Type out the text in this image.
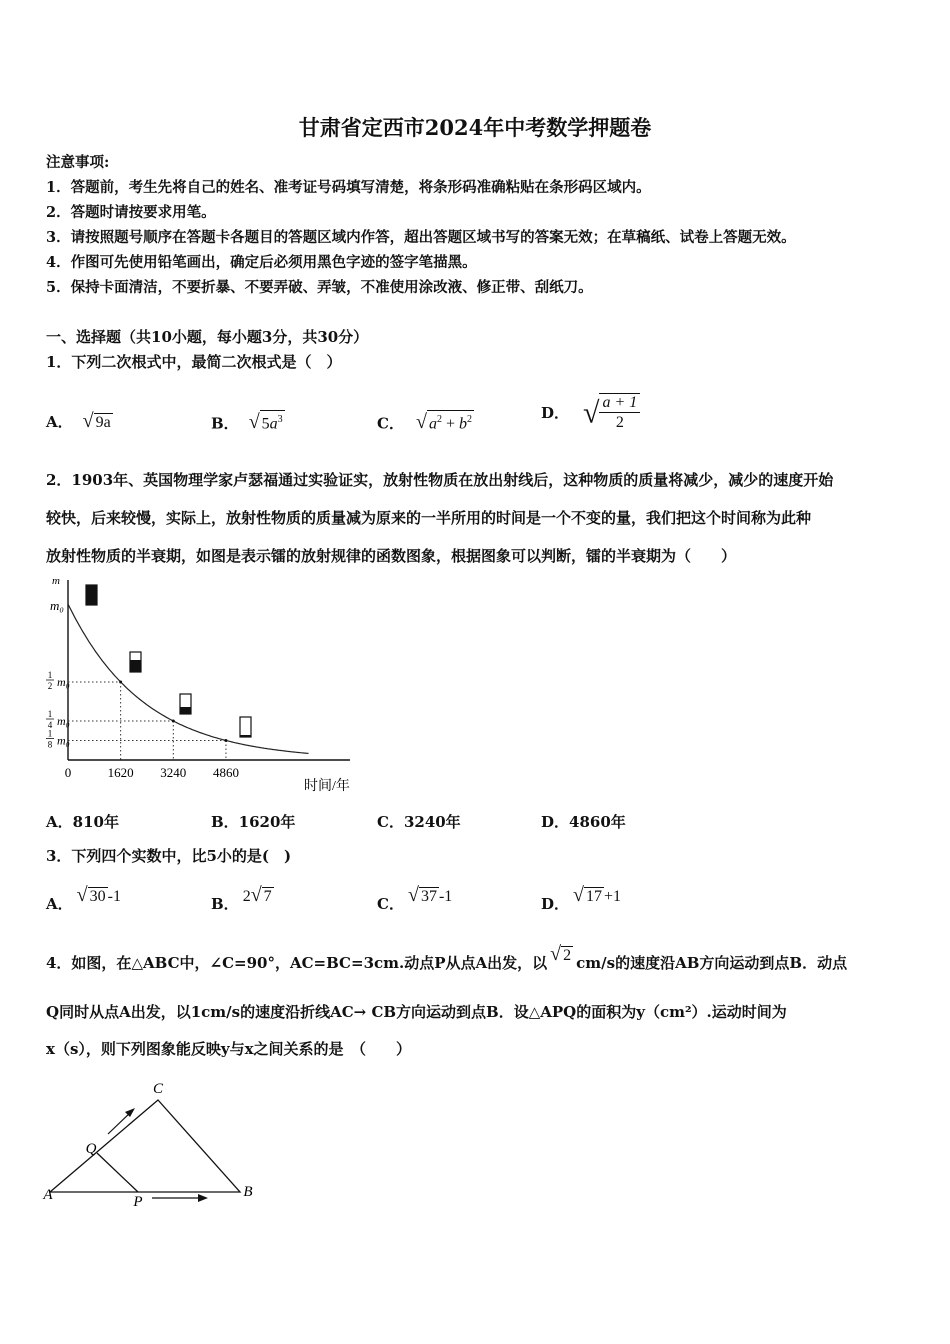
甘肃省定西市2024年中考数学押题卷
注意事项:
1．答题前，考生先将自己的姓名、准考证号码填写清楚，将条形码准确粘贴在条形码区域内。
2．答题时请按要求用笔。
3．请按照题号顺序在答题卡各题目的答题区域内作答，超出答题区域书写的答案无效；在草稿纸、试卷上答题无效。
4．作图可先使用铅笔画出，确定后必须用黑色字迹的签字笔描黑。
5．保持卡面清洁，不要折暴、不要弄破、弄皱，不准使用涂改液、修正带、刮纸刀。
一、选择题（共10小题，每小题3分，共30分）
1．下列二次根式中，最简二次根式是（　）
A． √ 9a	B． √ $5a^3$	C． √ $a^2 + b^2$	D． √ $\frac{a + 1}{2}$
2．1903年、英国物理学家卢瑟福通过实验证实，放射性物质在放出射线后，这种物质的质量将减少，减少的速度开始
较快，后来较慢，实际上，放射性物质的质量减为原来的一半所用的时间是一个不变的量，我们把这个时间称为此种
放射性物质的半衰期，如图是表示镭的放射规律的函数图象，根据图象可以判断，镭的半衰期为（　　）
m
时间/年
0	1620 3240 4860
m₀
1
2 m₀
1
4 m₀
1
8 m₀
A．810年	B．1620年	C．3240年	D．4860年
3．下列四个实数中，比5小的是(　)
A． √ 30 -1	B． 2√ 7	C． √ 37 -1	D． √ 17 +1
4．如图，在△ABC中，∠C=90°，AC=BC=3cm.动点P从点A出发，以 √ 2 cm/s的速度沿AB方向运动到点B．动点
Q同时从点A出发，以1cm/s的速度沿折线AC→ CB方向运动到点B．设△APQ的面积为y（cm²）.运动时间为
x（s），则下列图象能反映y与x之间关系的是　（　　）
A	B
C
P
Q
